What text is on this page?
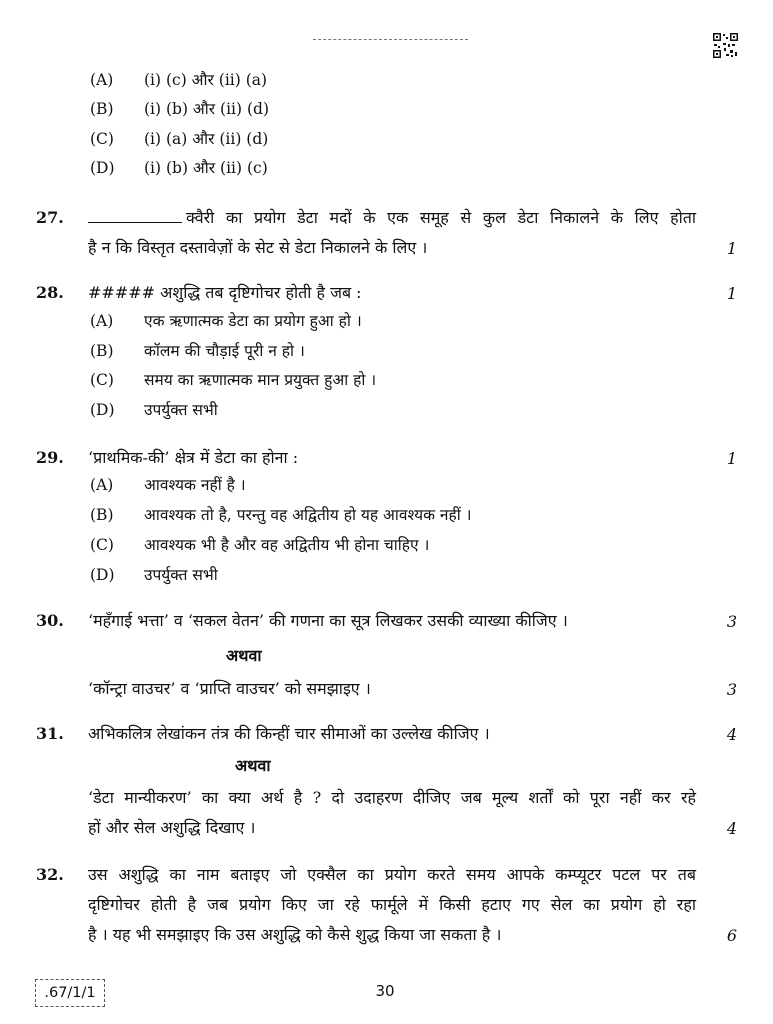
(A) (i) (c) और (ii) (a)
(B) (i) (b) और (ii) (d)
(C) (i) (a) और (ii) (d)
(D) (i) (b) और (ii) (c)
27.	क्वैरी का प्रयोग डेटा मदों के एक समूह से कुल डेटा निकालने के लिए होता
है न कि विस्तृत दस्तावेज़ों के सेट से डेटा निकालने के लिए ।	1
28. ##### अशुद्धि तब दृष्टिगोचर होती है जब :	1
(A) एक ऋणात्मक डेटा का प्रयोग हुआ हो ।
(B) कॉलम की चौड़ाई पूरी न हो ।
(C) समय का ऋणात्मक मान प्रयुक्त हुआ हो ।
(D) उपर्युक्त सभी
29. ‘प्राथमिक-की’ क्षेत्र में डेटा का होना :	1
(A) आवश्यक नहीं है ।
(B) आवश्यक तो है, परन्तु वह अद्वितीय हो यह आवश्यक नहीं ।
(C) आवश्यक भी है और वह अद्वितीय भी होना चाहिए ।
(D) उपर्युक्त सभी
30. ‘महँगाई भत्ता’ व ‘सकल वेतन’ की गणना का सूत्र लिखकर उसकी व्याख्या कीजिए ।	3
अथवा
‘कॉन्ट्रा वाउचर’ व ‘प्राप्ति वाउचर’ को समझाइए ।	3
31. अभिकलित्र लेखांकन तंत्र की किन्हीं चार सीमाओं का उल्लेख कीजिए ।	4
अथवा
‘डेटा मान्यीकरण’ का क्या अर्थ है ? दो उदाहरण दीजिए जब मूल्य शर्तों को पूरा नहीं कर रहे
हों और सेल अशुद्धि दिखाए ।	4
32. उस अशुद्धि का नाम बताइए जो एक्सैल का प्रयोग करते समय आपके कम्प्यूटर पटल पर तब
दृष्टिगोचर होती है जब प्रयोग किए जा रहे फार्मूले में किसी हटाए गए सेल का प्रयोग हो रहा
है । यह भी समझाइए कि उस अशुद्धि को कैसे शुद्ध किया जा सकता है ।	6
.67/1/1	30
